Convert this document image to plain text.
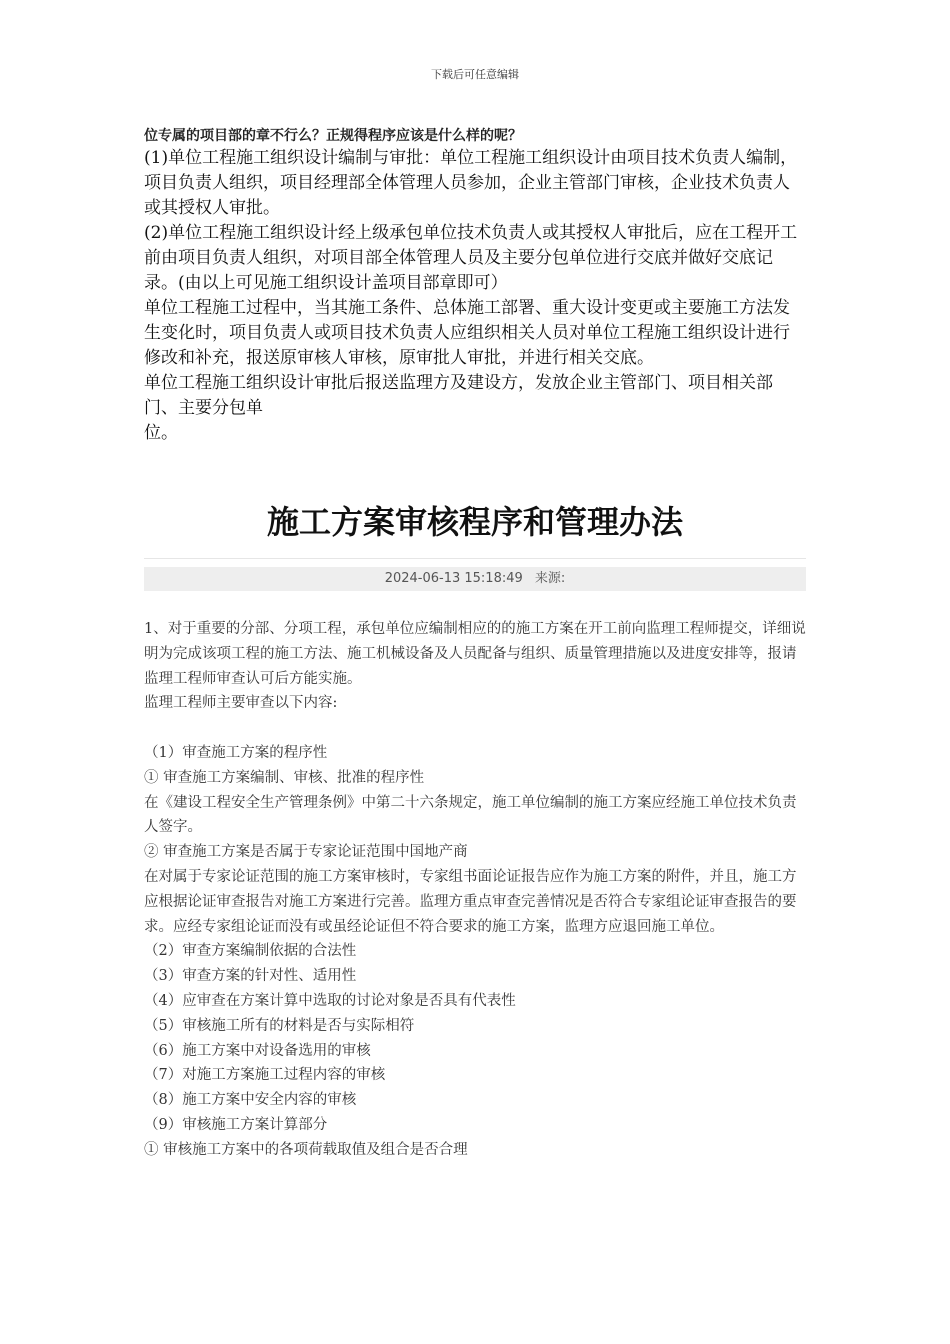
下载后可任意编辑

位专属的项目部的章不行么？正规得程序应该是什么样的呢？

(1)单位工程施工组织设计编制与审批：单位工程施工组织设计由项目技术负责人编制，项目负责人组织，项目经理部全体管理人员参加，企业主管部门审核，企业技术负责人或其授权人审批。

(2)单位工程施工组织设计经上级承包单位技术负责人或其授权人审批后，应在工程开工前由项目负责人组织，对项目部全体管理人员及主要分包单位进行交底并做好交底记录。(由以上可见施工组织设计盖项目部章即可）

单位工程施工过程中，当其施工条件、总体施工部署、重大设计变更或主要施工方法发生变化时，项目负责人或项目技术负责人应组织相关人员对单位工程施工组织设计进行修改和补充，报送原审核人审核，原审批人审批，并进行相关交底。

单位工程施工组织设计审批后报送监理方及建设方，发放企业主管部门、项目相关部门、主要分包单

位。

施工方案审核程序和管理办法
2024-06-13 15:18:49 来源:

1、对于重要的分部、分项工程，承包单位应编制相应的的施工方案在开工前向监理工程师提交，详细说明为完成该项工程的施工方法、施工机械设备及人员配备与组织、质量管理措施以及进度安排等，报请监理工程师审查认可后方能实施。

监理工程师主要审查以下内容:

（1）审查施工方案的程序性

① 审查施工方案编制、审核、批准的程序性

在《建设工程安全生产管理条例》中第二十六条规定，施工单位编制的施工方案应经施工单位技术负责人签字。

② 审查施工方案是否属于专家论证范围中国地产商

在对属于专家论证范围的施工方案审核时，专家组书面论证报告应作为施工方案的附件，并且，施工方应根据论证审查报告对施工方案进行完善。监理方重点审查完善情况是否符合专家组论证审查报告的要求。应经专家组论证而没有或虽经论证但不符合要求的施工方案，监理方应退回施工单位。

（2）审查方案编制依据的合法性

（3）审查方案的针对性、适用性

（4）应审查在方案计算中选取的讨论对象是否具有代表性

（5）审核施工所有的材料是否与实际相符

（6）施工方案中对设备选用的审核

（7）对施工方案施工过程内容的审核

（8）施工方案中安全内容的审核

（9）审核施工方案计算部分

① 审核施工方案中的各项荷载取值及组合是否合理
